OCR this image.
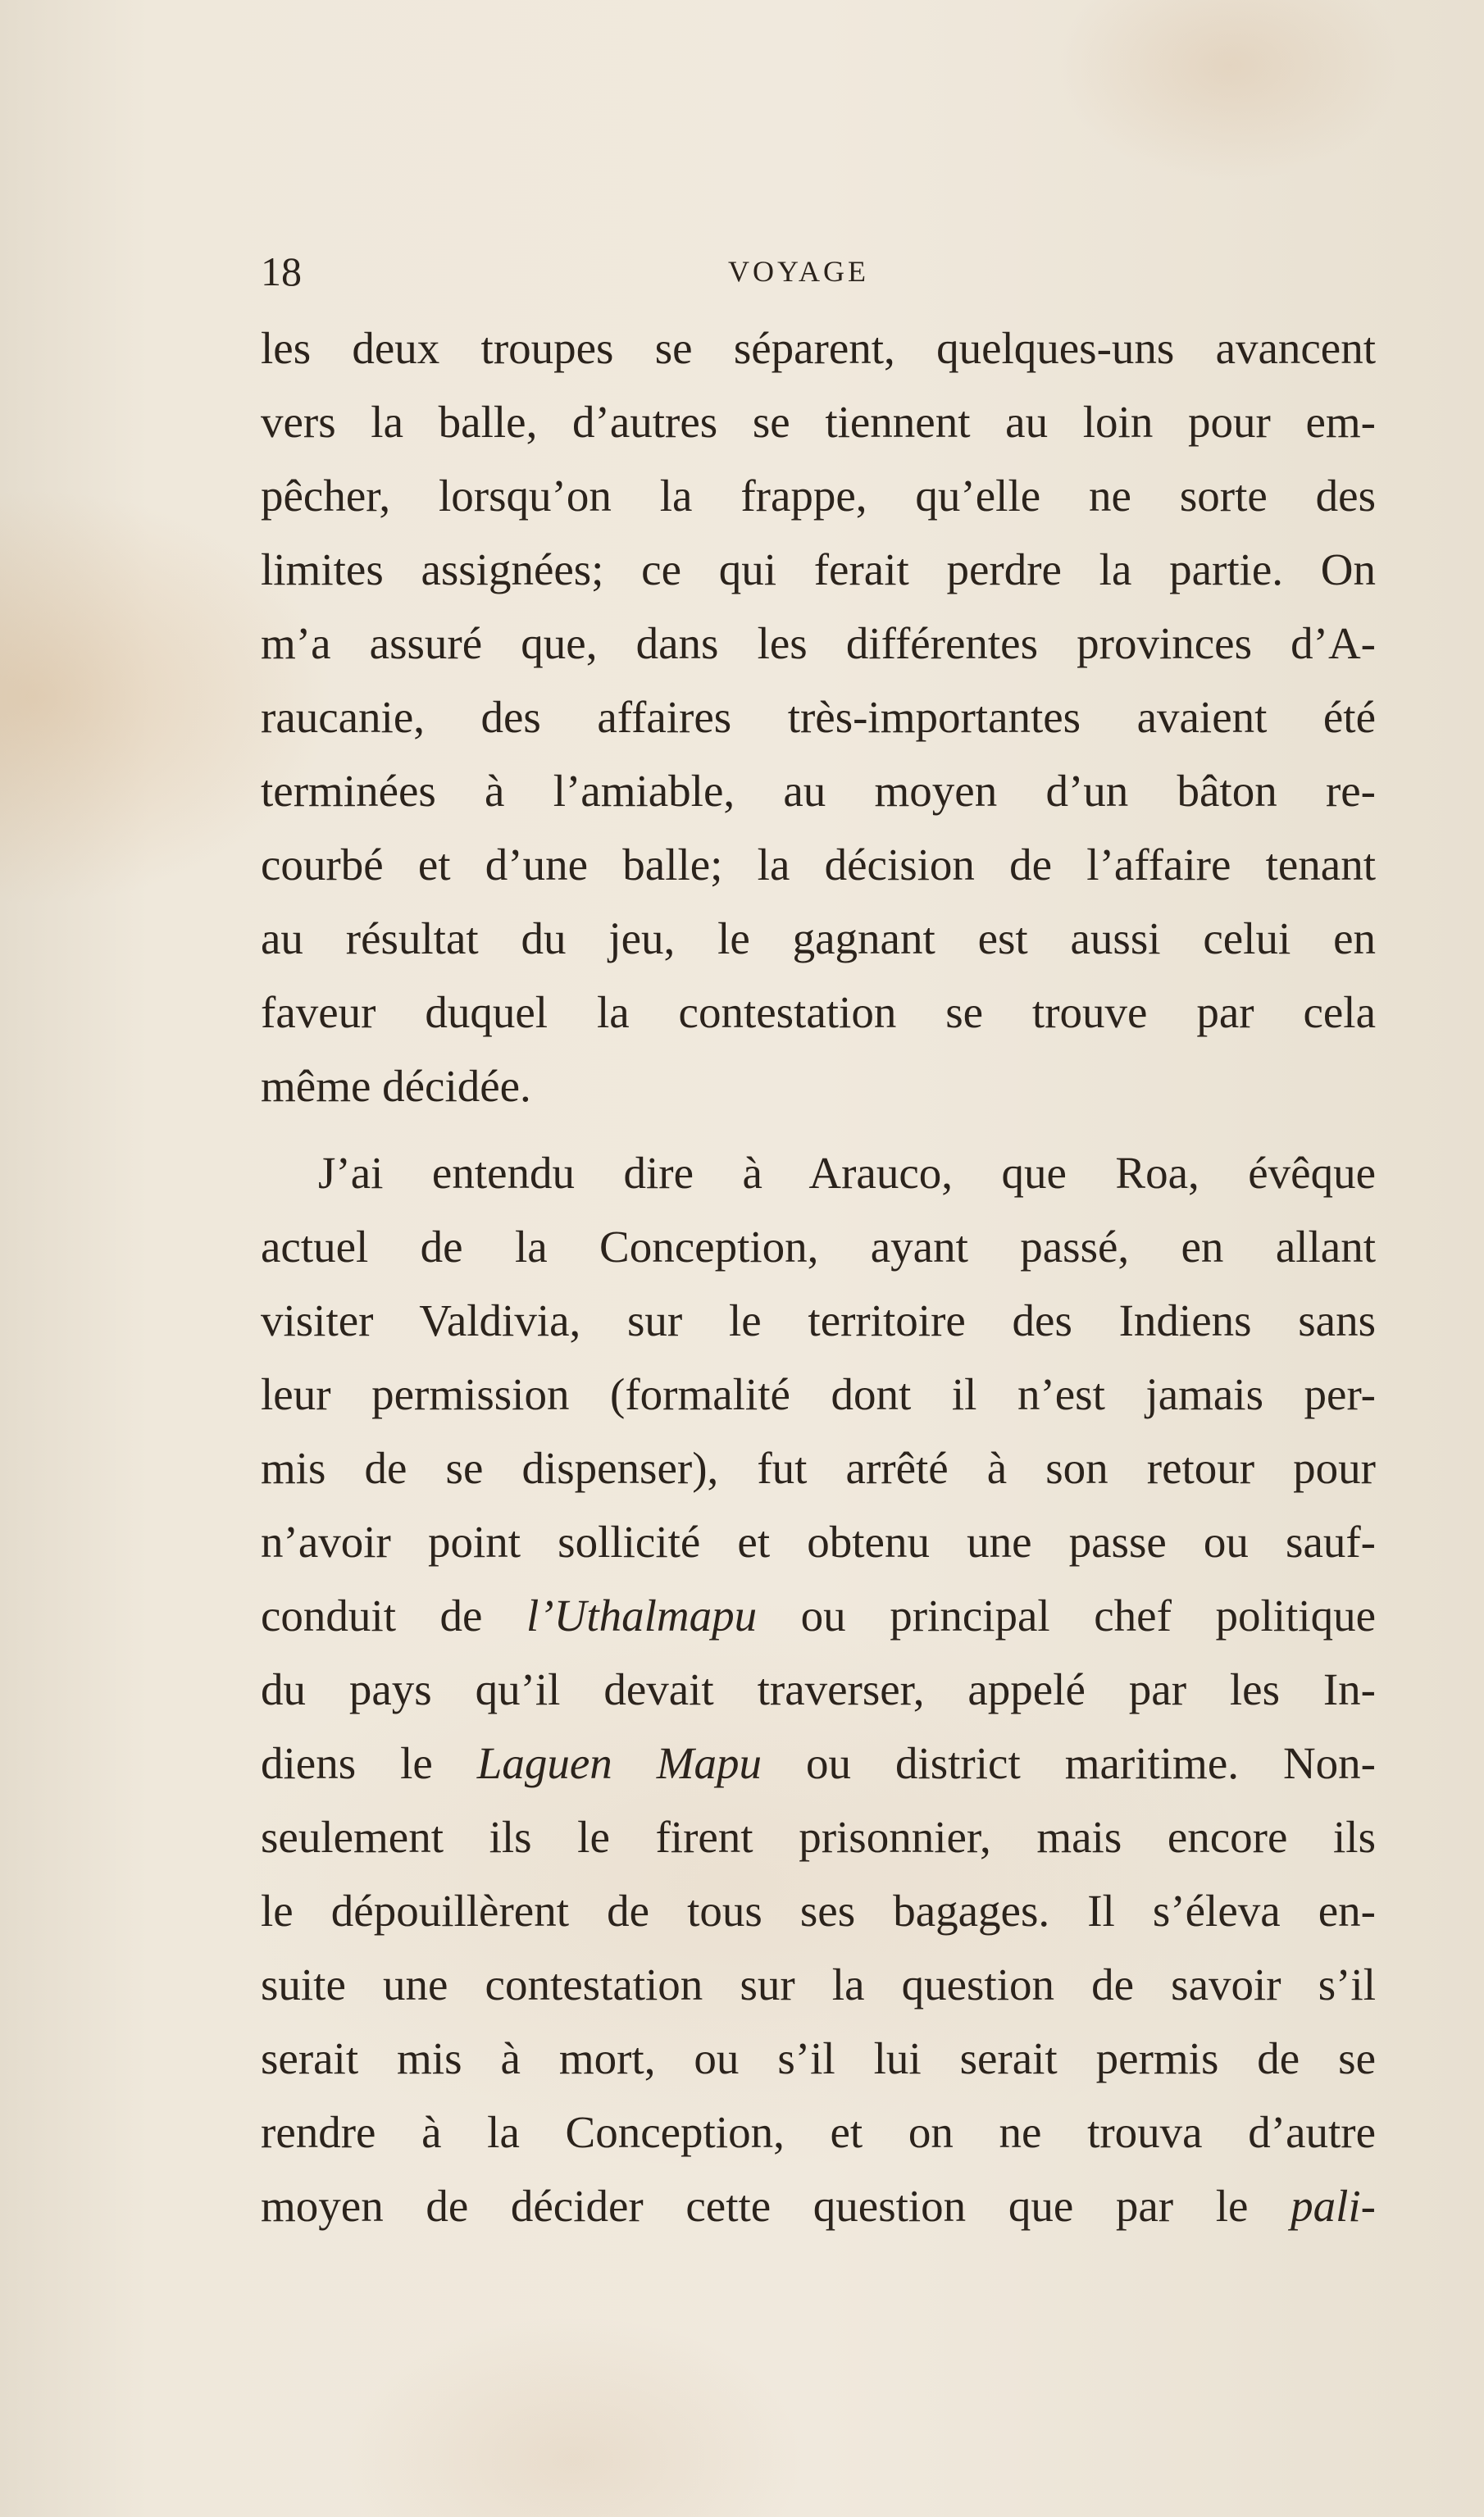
18	VOYAGE
les deux troupes se séparent, quelques-uns avancent
vers la balle, d’autres se tiennent au loin pour em-
pêcher, lorsqu’on la frappe, qu’elle ne sorte des
limites assignées; ce qui ferait perdre la partie. On
m’a assuré que, dans les différentes provinces d’A-
raucanie, des affaires très-importantes avaient été
terminées à l’amiable, au moyen d’un bâton re-
courbé et d’une balle; la décision de l’affaire tenant
au résultat du jeu, le gagnant est aussi celui en
faveur duquel la contestation se trouve par cela
même décidée.
J’ai entendu dire à Arauco, que Roa, évêque
actuel de la Conception, ayant passé, en allant
visiter Valdivia, sur le territoire des Indiens sans
leur permission (formalité dont il n’est jamais per-
mis de se dispenser), fut arrêté à son retour pour
n’avoir point sollicité et obtenu une passe ou sauf-
conduit de l’Uthalmapu ou principal chef politique
du pays qu’il devait traverser, appelé par les In-
diens le Laguen Mapu ou district maritime. Non-
seulement ils le firent prisonnier, mais encore ils
le dépouillèrent de tous ses bagages. Il s’éleva en-
suite une contestation sur la question de savoir s’il
serait mis à mort, ou s’il lui serait permis de se
rendre à la Conception, et on ne trouva d’autre
moyen de décider cette question que par le pali-
